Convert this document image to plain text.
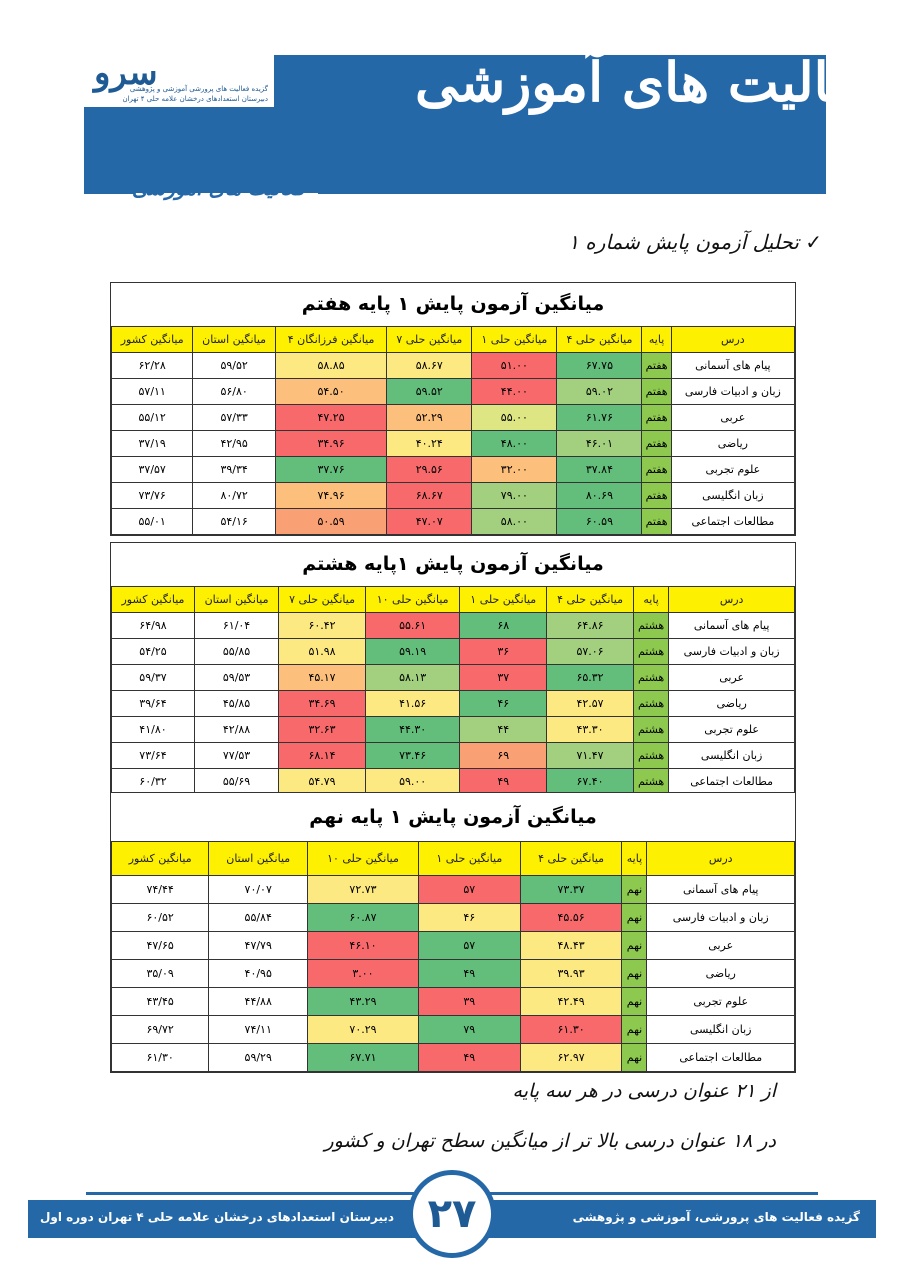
سرو
گزیده فعالیت های پرورشی آموزشی و پژوهشی
دبیرستان استعدادهای درخشان علامه حلی ۴ تهران	فعالیت های آموزشی
فعالیت های آموزشی
✓ تحلیل آزمون پایش شماره ۱
میانگین آزمون پایش ۱ پایه هفتم
درس	پایه	میانگین حلی ۴	میانگین حلی ۱	میانگین حلی ۷	میانگین فرزانگان ۴	میانگین استان	میانگین کشور
پیام های آسمانی	هفتم	۶۷.۷۵	۵۱.۰۰	۵۸.۶۷	۵۸.۸۵	۵۹/۵۲	۶۲/۲۸
زبان و ادبیات فارسی	هفتم	۵۹.۰۲	۴۴.۰۰	۵۹.۵۲	۵۴.۵۰	۵۶/۸۰	۵۷/۱۱
عربی	هفتم	۶۱.۷۶	۵۵.۰۰	۵۲.۲۹	۴۷.۲۵	۵۷/۳۳	۵۵/۱۲
ریاضی	هفتم	۴۶.۰۱	۴۸.۰۰	۴۰.۲۴	۳۴.۹۶	۴۲/۹۵	۳۷/۱۹
علوم تجربی	هفتم	۳۷.۸۴	۳۲.۰۰	۲۹.۵۶	۳۷.۷۶	۳۹/۳۴	۳۷/۵۷
زبان انگلیسی	هفتم	۸۰.۶۹	۷۹.۰۰	۶۸.۶۷	۷۴.۹۶	۸۰/۷۲	۷۳/۷۶
مطالعات اجتماعی	هفتم	۶۰.۵۹	۵۸.۰۰	۴۷.۰۷	۵۰.۵۹	۵۴/۱۶	۵۵/۰۱
میانگین آزمون پایش ۱پایه هشتم
درس	پایه	میانگین حلی ۴	میانگین حلی ۱	میانگین حلی ۱۰	میانگین حلی ۷	میانگین استان	میانگین کشور
پیام های آسمانی	هشتم	۶۴.۸۶	۶۸	۵۵.۶۱	۶۰.۴۲	۶۱/۰۴	۶۴/۹۸
زبان و ادبیات فارسی	هشتم	۵۷.۰۶	۳۶	۵۹.۱۹	۵۱.۹۸	۵۵/۸۵	۵۴/۲۵
عربی	هشتم	۶۵.۳۲	۳۷	۵۸.۱۳	۴۵.۱۷	۵۹/۵۳	۵۹/۳۷
ریاضی	هشتم	۴۲.۵۷	۴۶	۴۱.۵۶	۳۴.۶۹	۴۵/۸۵	۳۹/۶۴
علوم تجربی	هشتم	۴۳.۳۰	۴۴	۴۴.۳۰	۳۲.۶۳	۴۲/۸۸	۴۱/۸۰
زبان انگلیسی	هشتم	۷۱.۴۷	۶۹	۷۳.۴۶	۶۸.۱۴	۷۷/۵۳	۷۳/۶۴
مطالعات اجتماعی	هشتم	۶۷.۴۰	۴۹	۵۹.۰۰	۵۴.۷۹	۵۵/۶۹	۶۰/۳۲
میانگین آزمون پایش ۱ پایه نهم
درس	پایه	میانگین حلی ۴	میانگین حلی ۱	میانگین حلی ۱۰	میانگین استان	میانگین کشور
پیام های آسمانی	نهم	۷۳.۳۷	۵۷	۷۲.۷۳	۷۰/۰۷	۷۴/۴۴
زبان و ادبیات فارسی	نهم	۴۵.۵۶	۴۶	۶۰.۸۷	۵۵/۸۴	۶۰/۵۲
عربی	نهم	۴۸.۴۳	۵۷	۴۶.۱۰	۴۷/۷۹	۴۷/۶۵
ریاضی	نهم	۳۹.۹۳	۴۹	۳.۰۰	۴۰/۹۵	۳۵/۰۹
علوم تجربی	نهم	۴۲.۴۹	۳۹	۴۳.۲۹	۴۴/۸۸	۴۳/۴۵
زبان انگلیسی	نهم	۶۱.۳۰	۷۹	۷۰.۲۹	۷۴/۱۱	۶۹/۷۲
مطالعات اجتماعی	نهم	۶۲.۹۷	۴۹	۶۷.۷۱	۵۹/۲۹	۶۱/۳۰
از ۲۱ عنوان درسی در هر سه پایه
در ۱۸ عنوان درسی بالا تر از میانگین سطح تهران و کشور
دبیرستان استعدادهای درخشان علامه حلی ۴ تهران دوره اول	گزیده فعالیت های پرورشی، آموزشی و پژوهشی
۲۷
